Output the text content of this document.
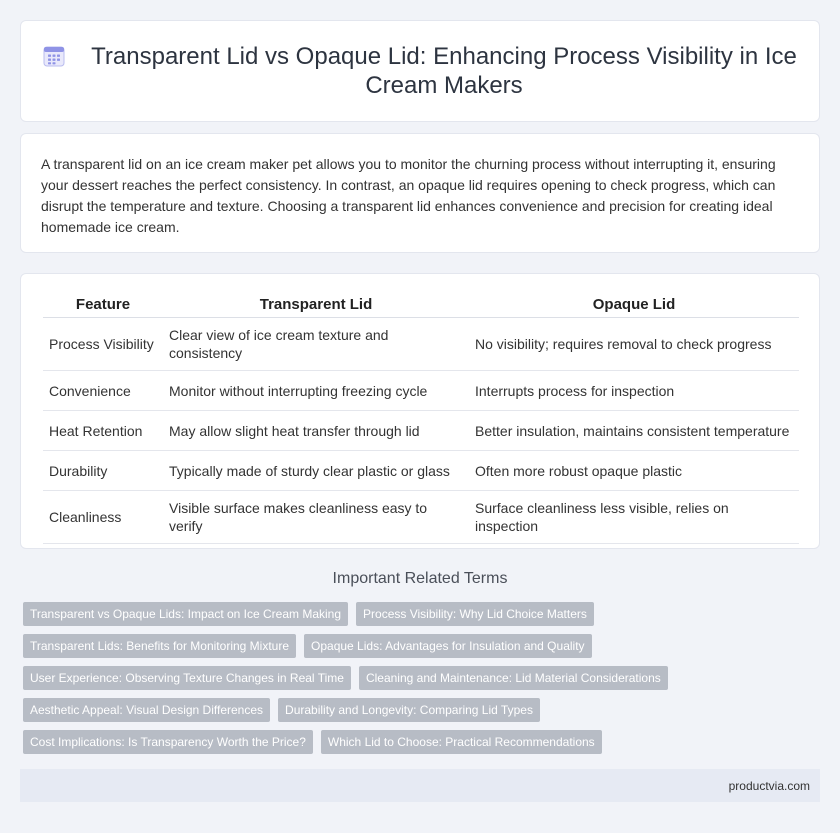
Transparent Lid vs Opaque Lid: Enhancing Process Visibility in Ice Cream Makers

A transparent lid on an ice cream maker pet allows you to monitor the churning process without interrupting it, ensuring your dessert reaches the perfect consistency. In contrast, an opaque lid requires opening to check progress, which can disrupt the temperature and texture. Choosing a transparent lid enhances convenience and precision for creating ideal homemade ice cream.

Feature	Transparent Lid	Opaque Lid
Process Visibility	Clear view of ice cream texture and consistency	No visibility; requires removal to check progress
Convenience	Monitor without interrupting freezing cycle	Interrupts process for inspection
Heat Retention	May allow slight heat transfer through lid	Better insulation, maintains consistent temperature
Durability	Typically made of sturdy clear plastic or glass	Often more robust opaque plastic
Cleanliness	Visible surface makes cleanliness easy to verify	Surface cleanliness less visible, relies on inspection
Important Related Terms
Transparent vs Opaque Lids: Impact on Ice Cream Making	Process Visibility: Why Lid Choice Matters
Transparent Lids: Benefits for Monitoring Mixture	Opaque Lids: Advantages for Insulation and Quality
User Experience: Observing Texture Changes in Real Time	Cleaning and Maintenance: Lid Material Considerations
Aesthetic Appeal: Visual Design Differences	Durability and Longevity: Comparing Lid Types
Cost Implications: Is Transparency Worth the Price?	Which Lid to Choose: Practical Recommendations
productvia.com
